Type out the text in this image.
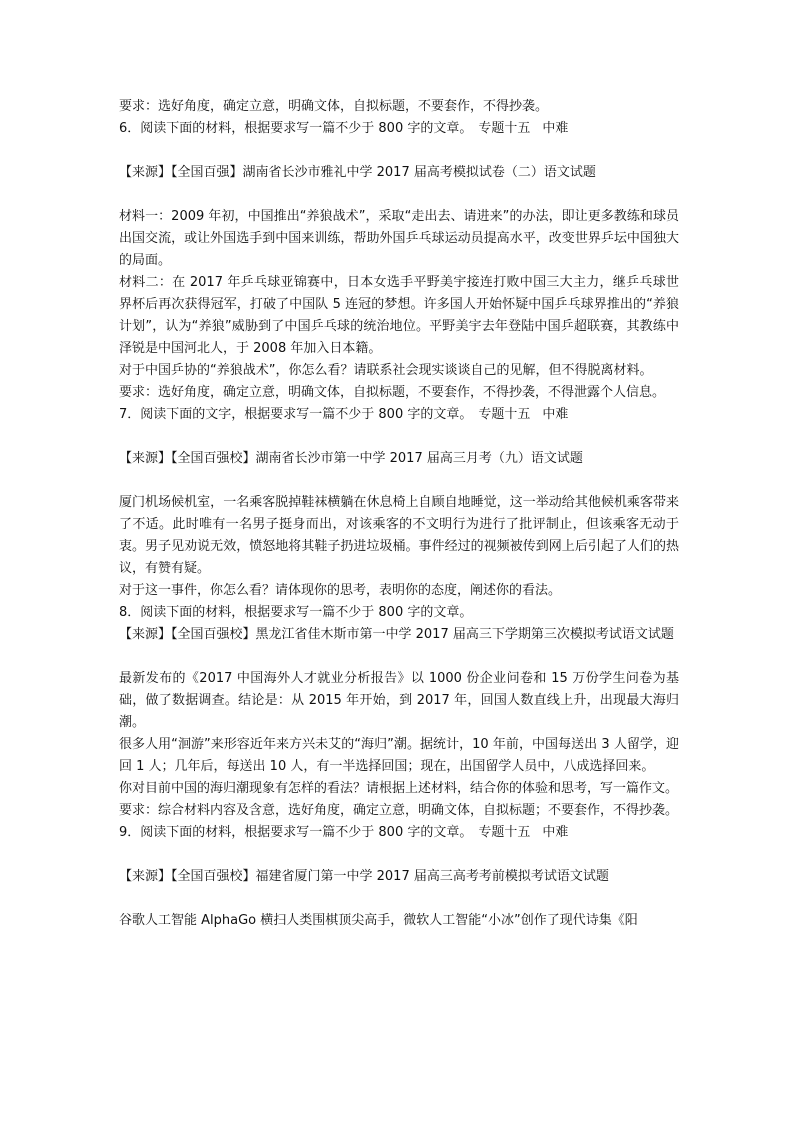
要求：选好角度，确定立意，明确文体，自拟标题，不要套作，不得抄袭。

6．阅读下面的材料，根据要求写一篇不少于 800 字的文章。 专题十五 中难

【来源】【全国百强】湖南省长沙市雅礼中学 2017 届高考模拟试卷（二）语文试题

材料一：2009 年初，中国推出“养狼战术”，采取“走出去、请进来”的办法，即让更多教练和球员出国交流，或让外国选手到中国来训练，帮助外国乒乓球运动员提高水平，改变世界乒坛中国独大的局面。

材料二：在 2017 年乒乓球亚锦赛中，日本女选手平野美宇接连打败中国三大主力，继乒乓球世界杯后再次获得冠军，打破了中国队 5 连冠的梦想。许多国人开始怀疑中国乒乓球界推出的“养狼计划”，认为“养狼”威胁到了中国乒乓球的统治地位。平野美宇去年登陆中国乒超联赛，其教练中泽锐是中国河北人，于 2008 年加入日本籍。

对于中国乒协的“养狼战术”，你怎么看？请联系社会现实谈谈自己的见解，但不得脱离材料。

要求：选好角度，确定立意，明确文体，自拟标题，不要套作，不得抄袭，不得泄露个人信息。

7．阅读下面的文字，根据要求写一篇不少于 800 字的文章。 专题十五 中难

【来源】【全国百强校】湖南省长沙市第一中学 2017 届高三月考（九）语文试题

厦门机场候机室，一名乘客脱掉鞋袜横躺在休息椅上自顾自地睡觉，这一举动给其他候机乘客带来了不适。此时唯有一名男子挺身而出，对该乘客的不文明行为进行了批评制止，但该乘客无动于衷。男子见劝说无效，愤怒地将其鞋子扔进垃圾桶。事件经过的视频被传到网上后引起了人们的热议，有赞有疑。

对于这一事件，你怎么看？请体现你的思考，表明你的态度，阐述你的看法。

8．阅读下面的材料，根据要求写一篇不少于 800 字的文章。

【来源】【全国百强校】黑龙江省佳木斯市第一中学 2017 届高三下学期第三次模拟考试语文试题

最新发布的《2017 中国海外人才就业分析报告》以 1000 份企业问卷和 15 万份学生问卷为基础，做了数据调查。结论是：从 2015 年开始，到 2017 年，回国人数直线上升，出现最大海归潮。

很多人用“洄游”来形容近年来方兴未艾的“海归”潮。据统计，10 年前，中国每送出 3 人留学，迎回 1 人；几年后，每送出 10 人，有一半选择回国；现在，出国留学人员中，八成选择回来。

你对目前中国的海归潮现象有怎样的看法？请根据上述材料，结合你的体验和思考，写一篇作文。

要求：综合材料内容及含意，选好角度，确定立意，明确文体，自拟标题；不要套作，不得抄袭。

9．阅读下面的材料，根据要求写一篇不少于 800 字的文章。 专题十五 中难

【来源】【全国百强校】福建省厦门第一中学 2017 届高三高考考前模拟考试语文试题

谷歌人工智能 AlphaGo 横扫人类围棋顶尖高手，微软人工智能“小冰”创作了现代诗集《阳
